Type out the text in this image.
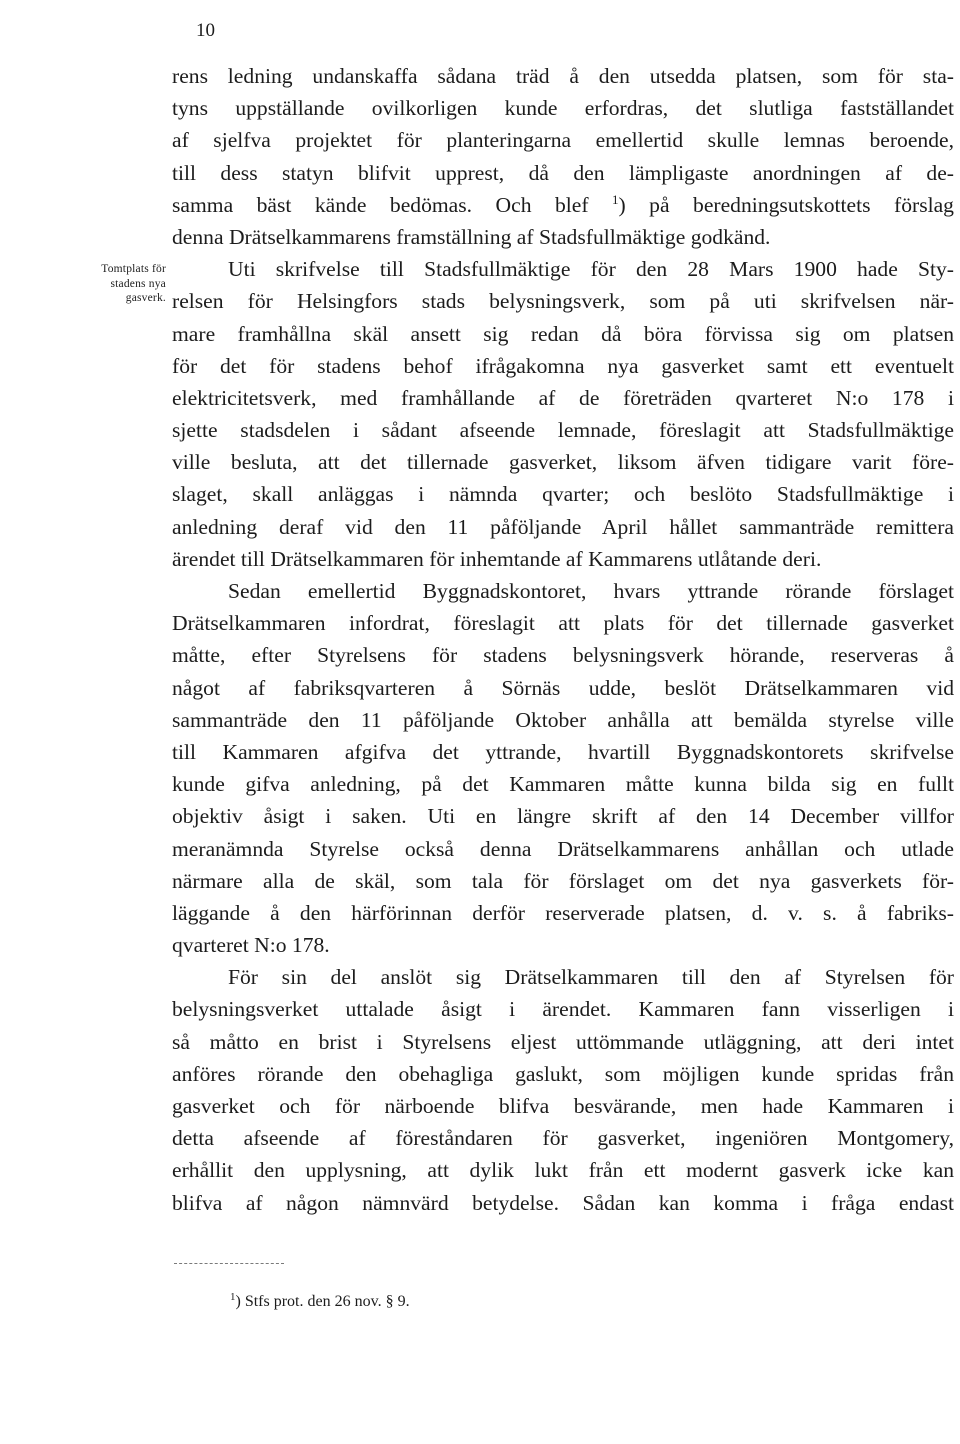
10
Tomtplats för
stadens nya
gasverk.
rens ledning undanskaffa sådana träd å den utsedda platsen, som för sta-
tyns uppställande ovilkorligen kunde erfordras, det slutliga fastställandet
af sjelfva projektet för planteringarna emellertid skulle lemnas beroende,
till dess statyn blifvit upprest, då den lämpligaste anordningen af de-
samma bäst kände bedömas. Och blef $^1$) på beredningsutskottets förslag
denna Drätselkammarens framställning af Stadsfullmäktige godkänd.
Uti skrifvelse till Stadsfullmäktige för den 28 Mars 1900 hade Sty-
relsen för Helsingfors stads belysningsverk, som på uti skrifvelsen när-
mare framhållna skäl ansett sig redan då böra förvissa sig om platsen
för det för stadens behof ifrågakomna nya gasverket samt ett eventuelt
elektricitetsverk, med framhållande af de företräden qvarteret N:o 178 i
sjette stadsdelen i sådant afseende lemnade, föreslagit att Stadsfullmäktige
ville besluta, att det tillernade gasverket, liksom äfven tidigare varit före-
slaget, skall anläggas i nämnda qvarter; och beslöto Stadsfullmäktige i
anledning deraf vid den 11 påföljande April hållet sammanträde remittera
ärendet till Drätselkammaren för inhemtande af Kammarens utlåtande deri.
Sedan emellertid Byggnadskontoret, hvars yttrande rörande förslaget
Drätselkammaren infordrat, föreslagit att plats för det tillernade gasverket
måtte, efter Styrelsens för stadens belysningsverk hörande, reserveras å
något af fabriksqvarteren å Sörnäs udde, beslöt Drätselkammaren vid
sammanträde den 11 påföljande Oktober anhålla att bemälda styrelse ville
till Kammaren afgifva det yttrande, hvartill Byggnadskontorets skrifvelse
kunde gifva anledning, på det Kammaren måtte kunna bilda sig en fullt
objektiv åsigt i saken. Uti en längre skrift af den 14 December villfor
meranämnda Styrelse också denna Drätselkammarens anhållan och utlade
närmare alla de skäl, som tala för förslaget om det nya gasverkets för-
läggande å den härförinnan derför reserverade platsen, d. v. s. å fabriks-
qvarteret N:o 178.
För sin del anslöt sig Drätselkammaren till den af Styrelsen för
belysningsverket uttalade åsigt i ärendet. Kammaren fann visserligen i
så måtto en brist i Styrelsens eljest uttömmande utläggning, att deri intet
anföres rörande den obehagliga gaslukt, som möjligen kunde spridas från
gasverket och för närboende blifva besvärande, men hade Kammaren i
detta afseende af föreståndaren för gasverket, ingeniören Montgomery,
erhållit den upplysning, att dylik lukt från ett modernt gasverk icke kan
blifva af någon nämnvärd betydelse. Sådan kan komma i fråga endast
$^1$) Stfs prot. den 26 nov. § 9.
